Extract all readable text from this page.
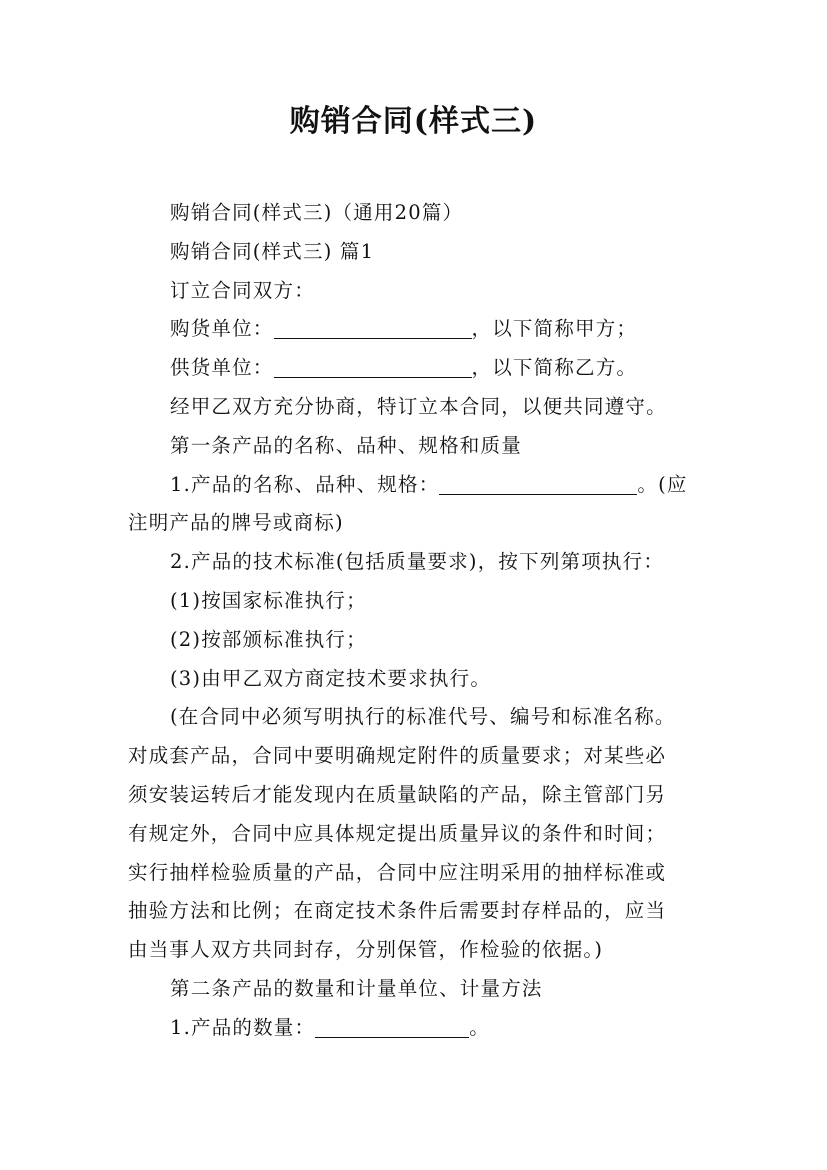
购销合同(样式三)

购销合同(样式三)（通用20篇）

购销合同(样式三) 篇1

订立合同双方：

购货单位：	，以下简称甲方；

供货单位：	，以下简称乙方。

经甲乙双方充分协商，特订立本合同，以便共同遵守。

第一条产品的名称、品种、规格和质量

1.产品的名称、品种、规格：	。(应

注明产品的牌号或商标)

2.产品的技术标准(包括质量要求)，按下列第项执行：

(1)按国家标准执行；

(2)按部颁标准执行；

(3)由甲乙双方商定技术要求执行。

(在合同中必须写明执行的标准代号、编号和标准名称。

对成套产品，合同中要明确规定附件的质量要求；对某些必

须安装运转后才能发现内在质量缺陷的产品，除主管部门另

有规定外，合同中应具体规定提出质量异议的条件和时间；

实行抽样检验质量的产品，合同中应注明采用的抽样标准或

抽验方法和比例；在商定技术条件后需要封存样品的，应当

由当事人双方共同封存，分别保管，作检验的依据。)

第二条产品的数量和计量单位、计量方法

1.产品的数量：	。
